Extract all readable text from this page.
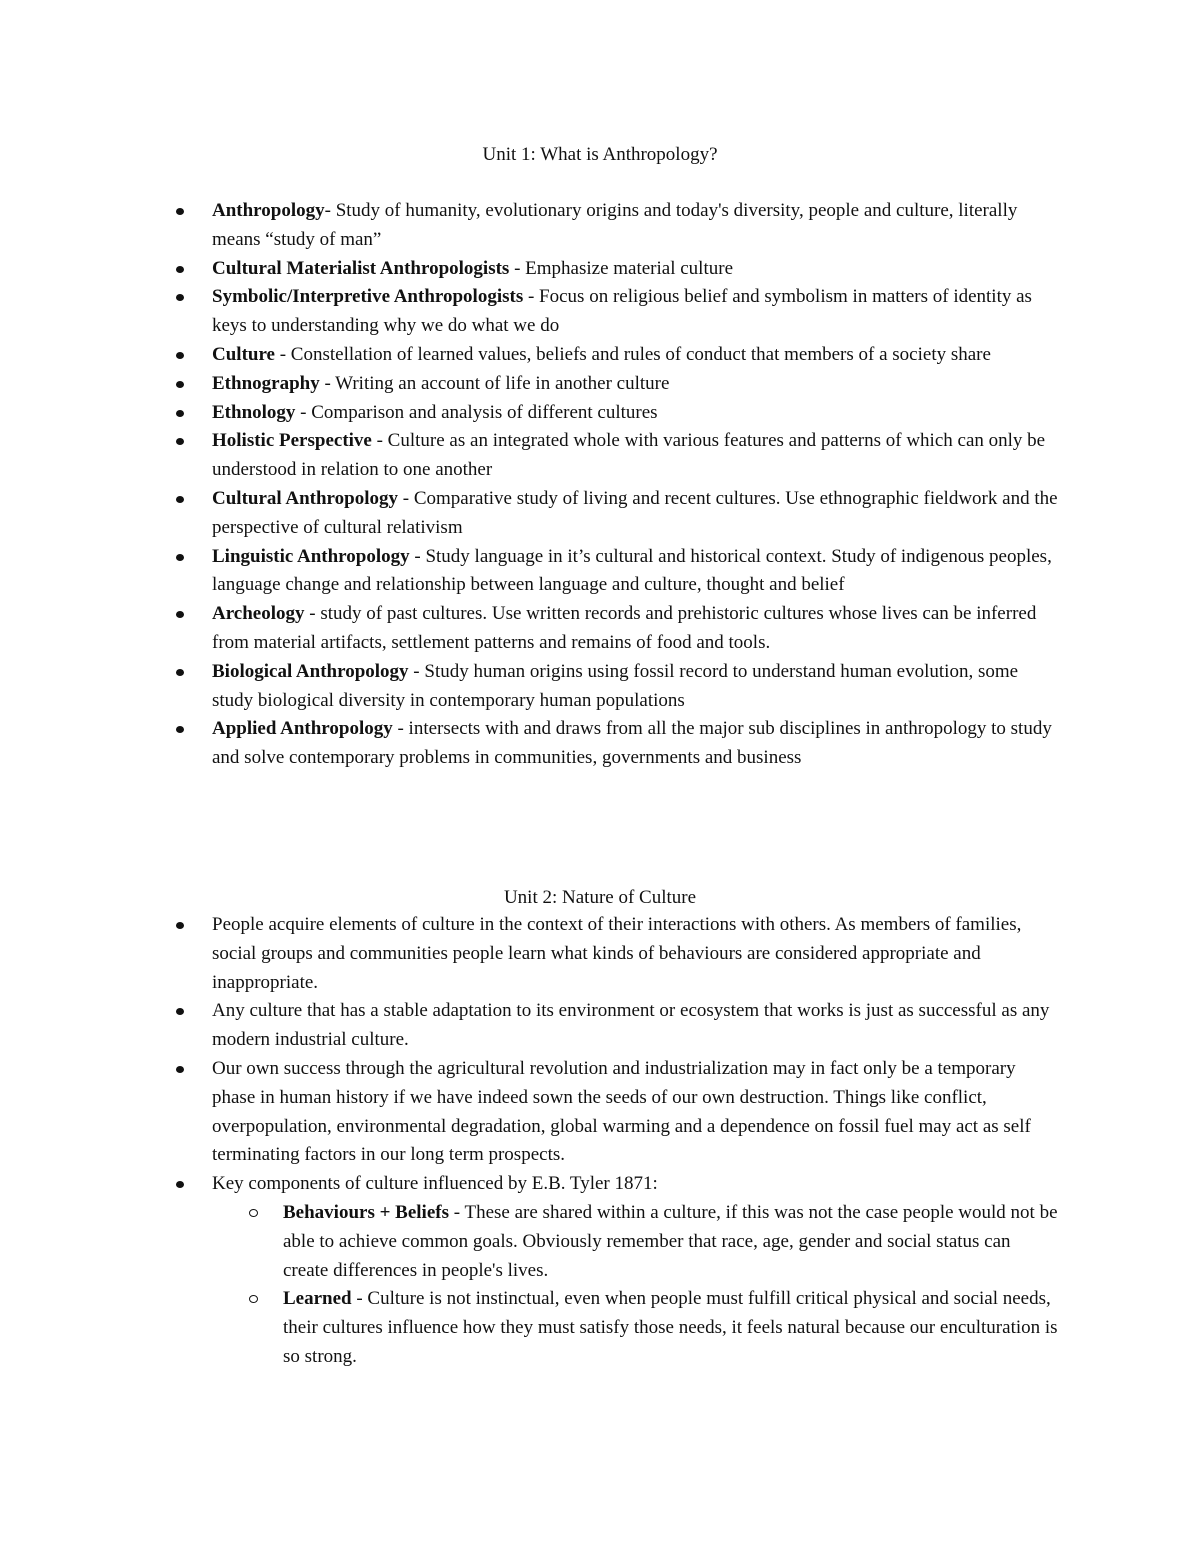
Unit 1: What is Anthropology?
Anthropology- Study of humanity, evolutionary origins and today's diversity, people and culture, literally means “study of man”
Cultural Materialist Anthropologists - Emphasize material culture
Symbolic/Interpretive Anthropologists - Focus on religious belief and symbolism in matters of identity as keys to understanding why we do what we do
Culture - Constellation of learned values, beliefs and rules of conduct that members of a society share
Ethnography - Writing an account of life in another culture
Ethnology - Comparison and analysis of different cultures
Holistic Perspective - Culture as an integrated whole with various features and patterns of which can only be understood in relation to one another
Cultural Anthropology - Comparative study of living and recent cultures. Use ethnographic fieldwork and the perspective of cultural relativism
Linguistic Anthropology - Study language in it’s cultural and historical context. Study of indigenous peoples, language change and relationship between language and culture, thought and belief
Archeology - study of past cultures. Use written records and prehistoric cultures whose lives can be inferred from material artifacts, settlement patterns and remains of food and tools.
Biological Anthropology - Study human origins using fossil record to understand human evolution, some study biological diversity in contemporary human populations
Applied Anthropology - intersects with and draws from all the major sub disciplines in anthropology to study and solve contemporary problems in communities, governments and business
Unit 2: Nature of Culture
People acquire elements of culture in the context of their interactions with others. As members of families, social groups and communities people learn what kinds of behaviours are considered appropriate and inappropriate.
Any culture that has a stable adaptation to its environment or ecosystem that works is just as successful as any modern industrial culture.
Our own success through the agricultural revolution and industrialization may in fact only be a temporary phase in human history if we have indeed sown the seeds of our own destruction. Things like conflict, overpopulation, environmental degradation, global warming and a dependence on fossil fuel may act as self terminating factors in our long term prospects.
Key components of culture influenced by E.B. Tyler 1871:
Behaviours + Beliefs - These are shared within a culture, if this was not the case people would not be able to achieve common goals. Obviously remember that race, age, gender and social status can create differences in people's lives.
Learned - Culture is not instinctual, even when people must fulfill critical physical and social needs, their cultures influence how they must satisfy those needs, it feels natural because our enculturation is so strong.
